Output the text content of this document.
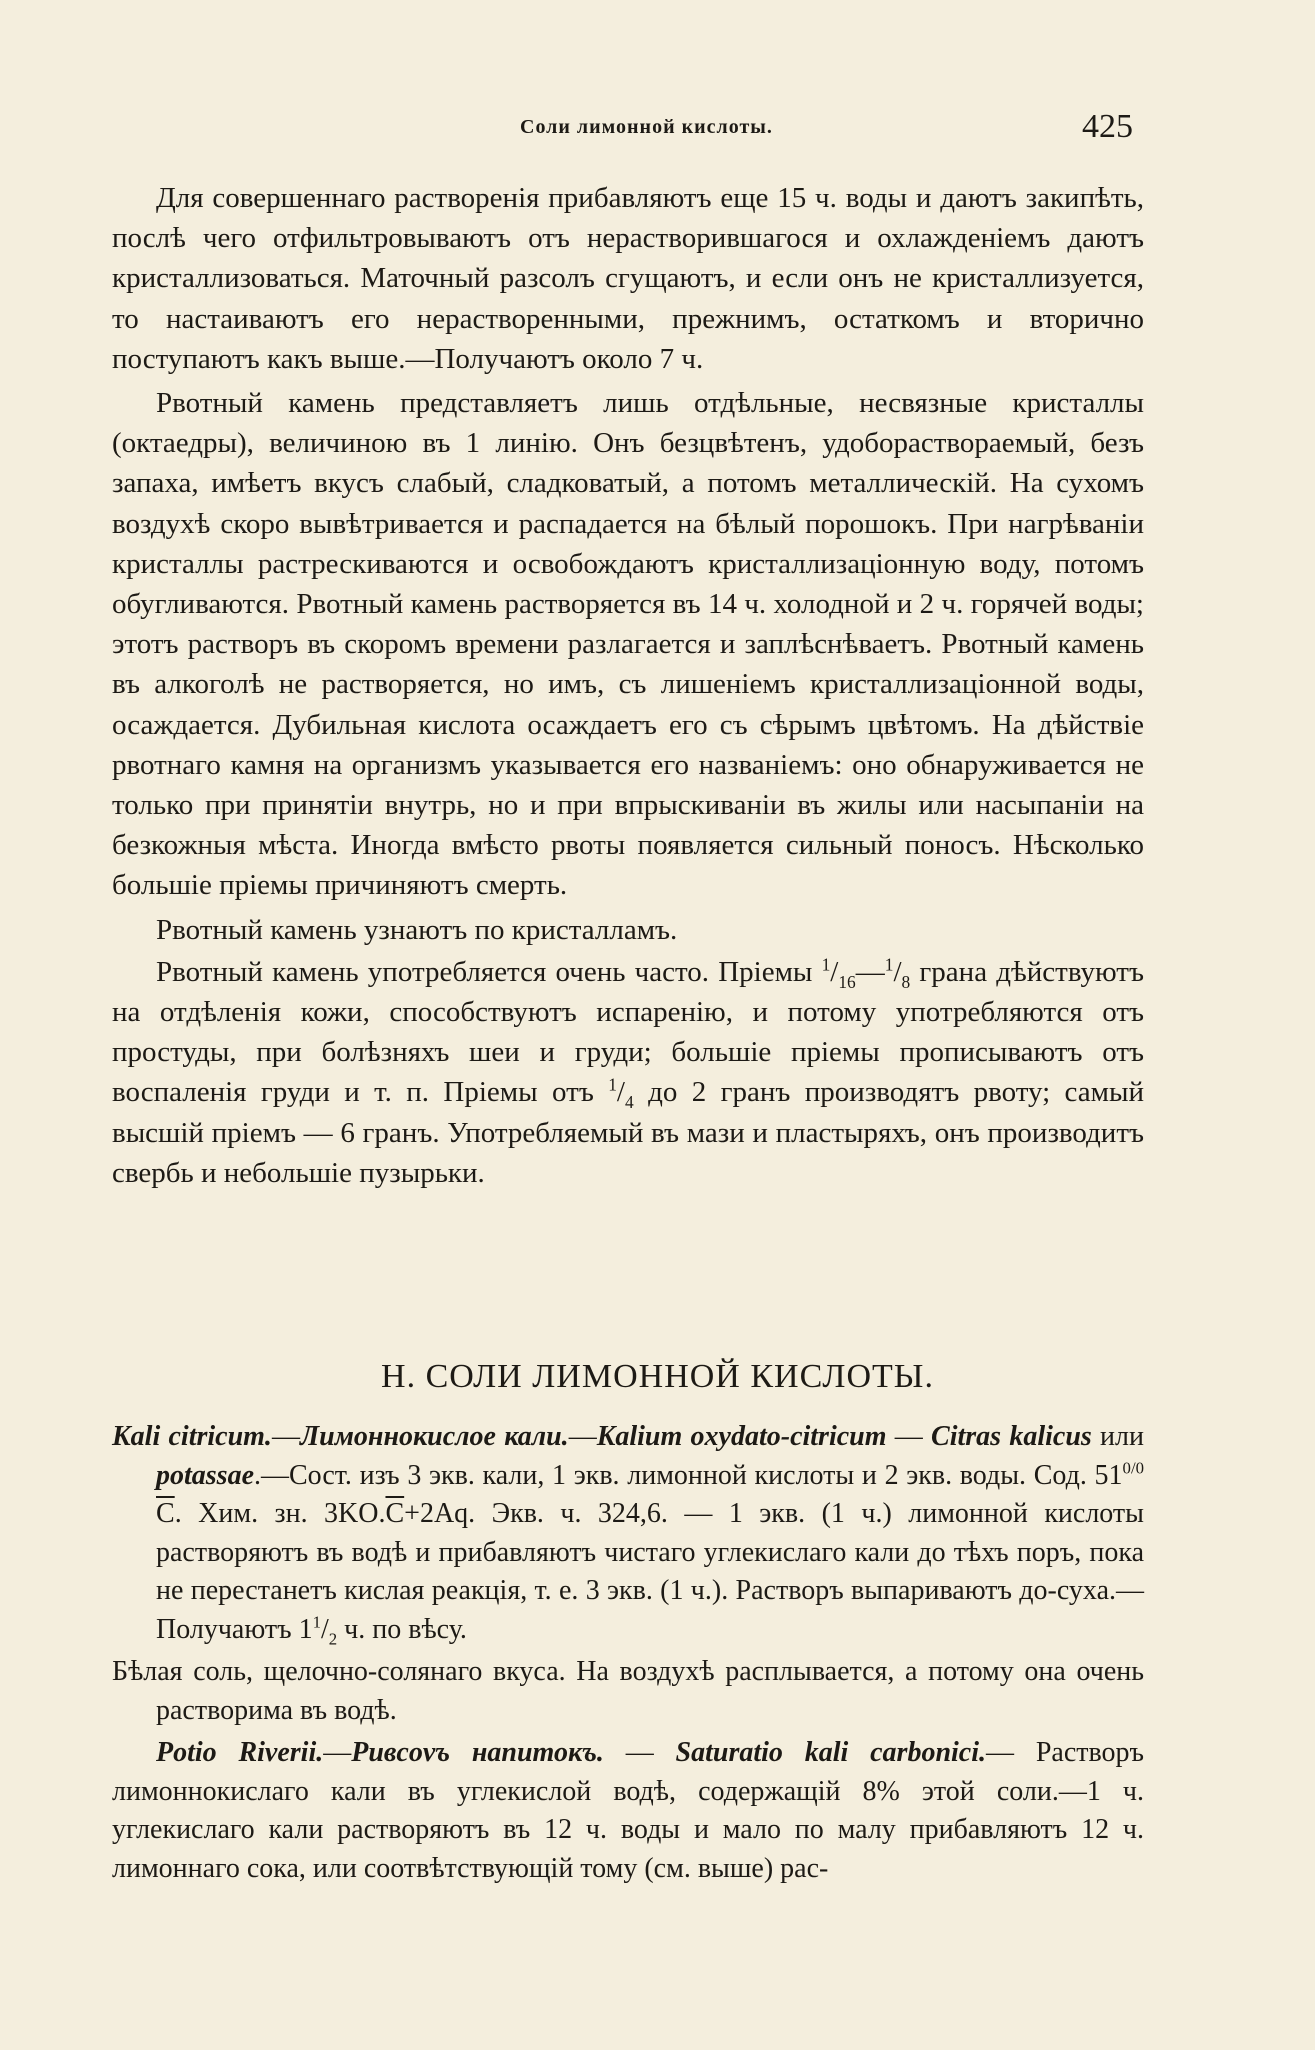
Соли лимонной кислоты.	425

Для совершеннаго растворенія прибавляютъ еще 15 ч. воды и даютъ закипѣть, послѣ чего отфильтровываютъ отъ нерастворившагося и охлажденіемъ даютъ кристаллизоваться. Маточный разсолъ сгущаютъ, и если онъ не кристаллизуется, то настаиваютъ его нерастворенными, прежнимъ, остаткомъ и вторично поступаютъ какъ выше.—Получаютъ около 7 ч.

Рвотный камень представляетъ лишь отдѣльные, несвязные кристаллы (октаедры), величиною въ 1 линію. Онъ безцвѣтенъ, удобораствораемый, безъ запаха, имѣетъ вкусъ слабый, сладковатый, а потомъ металлическій. На сухомъ воздухѣ скоро вывѣтривается и распадается на бѣлый порошокъ. При нагрѣваніи кристаллы растрескиваются и освобождаютъ кристаллизаціонную воду, потомъ обугливаются. Рвотный камень растворяется въ 14 ч. холодной и 2 ч. горячей воды; этотъ растворъ въ скоромъ времени разлагается и заплѣснѣваетъ. Рвотный камень въ алкоголѣ не растворяется, но имъ, съ лишеніемъ кристаллизаціонной воды, осаждается. Дубильная кислота осаждаетъ его съ сѣрымъ цвѣтомъ. На дѣйствіе рвотнаго камня на организмъ указывается его названіемъ: оно обнаруживается не только при принятіи внутрь, но и при впрыскиваніи въ жилы или насыпаніи на безкожныя мѣста. Иногда вмѣсто рвоты появляется сильный поносъ. Нѣсколько большіе пріемы причиняютъ смерть.

Рвотный камень узнаютъ по кристалламъ.

Рвотный камень употребляется очень часто. Пріемы $^1/_{16}—^1/_8$ грана дѣйствуютъ на отдѣленія кожи, способствуютъ испаренію, и потому употребляются отъ простуды, при болѣзняхъ шеи и груди; большіе пріемы прописываютъ отъ воспаленія груди и т. п. Пріемы отъ $^1/_4$ до 2 гранъ производятъ рвоту; самый высшій пріемъ — 6 гранъ. Употребляемый въ мази и пластыряхъ, онъ производитъ свербь и небольшіе пузырьки.

Н. СОЛИ ЛИМОННОЙ КИСЛОТЫ.

Kali citricum.—Лимоннокислое кали.—Kalium oxydato-citricum — Citras kalicus или potassae.—Сост. изъ 3 экв. кали, 1 экв. лимонной кислоты и 2 экв. воды. Сод. $51^{0/0}$ $\overline{C}$. Хим. зн. $3KO.\overline{C}+2Aq$. Экв. ч. 324,6. — 1 экв. (1 ч.) лимонной кислоты растворяютъ въ водѣ и прибавляютъ чистаго углекислаго кали до тѣхъ поръ, пока не перестанетъ кислая реакція, т. е. 3 экв. (1 ч.). Растворъ выпариваютъ до-суха.—Получаютъ $1^1/_2$ ч. по вѣсу.

Бѣлая соль, щелочно-солянаго вкуса. На воздухѣ расплывается, а потому она очень растворима въ водѣ.

Potio Riverii.—Ривcovъ напитокъ. — Saturatio kali carbonici.— Растворъ лимоннокислаго кали въ углекислой водѣ, содержащій 8% этой соли.—1 ч. углекислаго кали растворяютъ въ 12 ч. воды и мало по малу прибавляютъ 12 ч. лимоннаго сока, или соотвѣтствующій тому (см. выше) рас-
